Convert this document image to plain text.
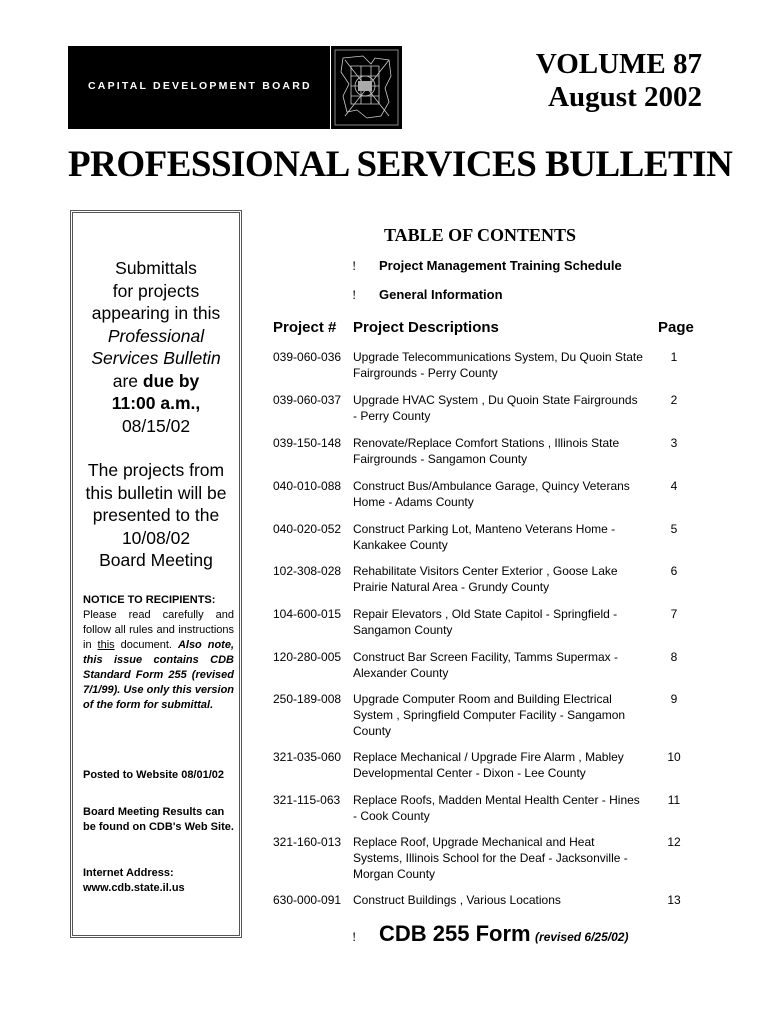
CAPITAL DEVELOPMENT BOARD
VOLUME 87
August 2002
PROFESSIONAL SERVICES BULLETIN
Submittals
for projects
appearing in this
Professional
Services Bulletin
are due by
11:00 a.m.,
08/15/02
The projects from
this bulletin will be
presented to the
10/08/02
Board Meeting
NOTICE TO RECIPIENTS:
Please read carefully and follow all rules and instructions in this document. Also note, this issue contains CDB Standard Form 255 (revised 7/1/99). Use only this version of the form for submittal.
Posted to Website 08/01/02
Board Meeting Results can be found on CDB's Web Site.
Internet Address:
www.cdb.state.il.us
TABLE OF CONTENTS
! Project Management Training Schedule
! General Information
Project # Project Descriptions	Page
039-060-036 Upgrade Telecommunications System, Du Quoin State Fairgrounds - Perry County
1
039-060-037 Upgrade HVAC System , Du Quoin State Fairgrounds - Perry County
2
039-150-148 Renovate/Replace Comfort Stations , Illinois State Fairgrounds - Sangamon County
3
040-010-088 Construct Bus/Ambulance Garage, Quincy Veterans Home - Adams County
4
040-020-052 Construct Parking Lot, Manteno Veterans Home - Kankakee County
5
102-308-028 Rehabilitate Visitors Center Exterior , Goose Lake Prairie Natural Area - Grundy County
6
104-600-015 Repair Elevators , Old State Capitol - Springfield - Sangamon County
7
120-280-005 Construct Bar Screen Facility, Tamms Supermax - Alexander County
8
250-189-008 Upgrade Computer Room and Building Electrical System , Springfield Computer Facility - Sangamon County
9
321-035-060 Replace Mechanical / Upgrade Fire Alarm , Mabley Developmental Center - Dixon - Lee County
10
321-115-063 Replace Roofs, Madden Mental Health Center - Hines - Cook County
11
321-160-013 Replace Roof, Upgrade Mechanical and Heat Systems, Illinois School for the Deaf - Jacksonville - Morgan County
12
630-000-091 Construct Buildings , Various Locations	13
! CDB 255 Form (revised 6/25/02)
